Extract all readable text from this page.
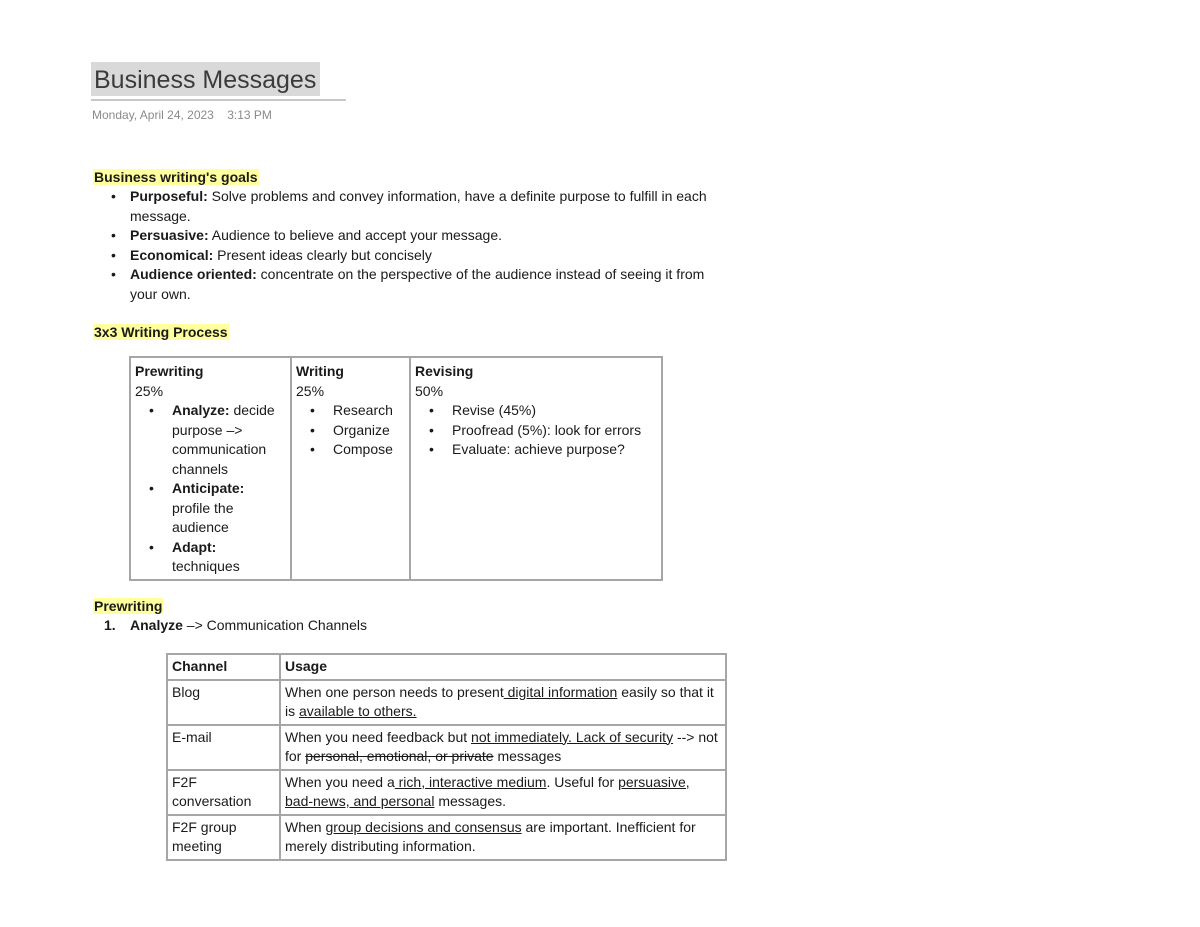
Business Messages
Monday, April 24, 2023 3:13 PM
Business writing's goals
• Purposeful: Solve problems and convey information, have a definite purpose to fulfill in each message.
• Persuasive: Audience to believe and accept your message.
• Economical: Present ideas clearly but concisely
• Audience oriented: concentrate on the perspective of the audience instead of seeing it from your own.
3x3 Writing Process
Prewriting
25%
• Analyze: decide purpose –> communication channels
• Anticipate: profile the audience
• Adapt: techniques
	Writing
25%
• Research
• Organize
• Compose
	Revising
50%
• Revise (45%)
• Proofread (5%): look for errors
• Evaluate: achieve purpose?
Prewriting
1. Analyze –> Communication Channels
Channel	Usage
Blog	When one person needs to present digital information easily so that it is available to others.
E-mail	When you need feedback but not immediately. Lack of security --> not for personal, emotional, or private messages
F2F conversation	When you need a rich, interactive medium. Useful for persuasive, bad-news, and personal messages.
F2F group meeting	When group decisions and consensus are important. Inefficient for merely distributing information.
